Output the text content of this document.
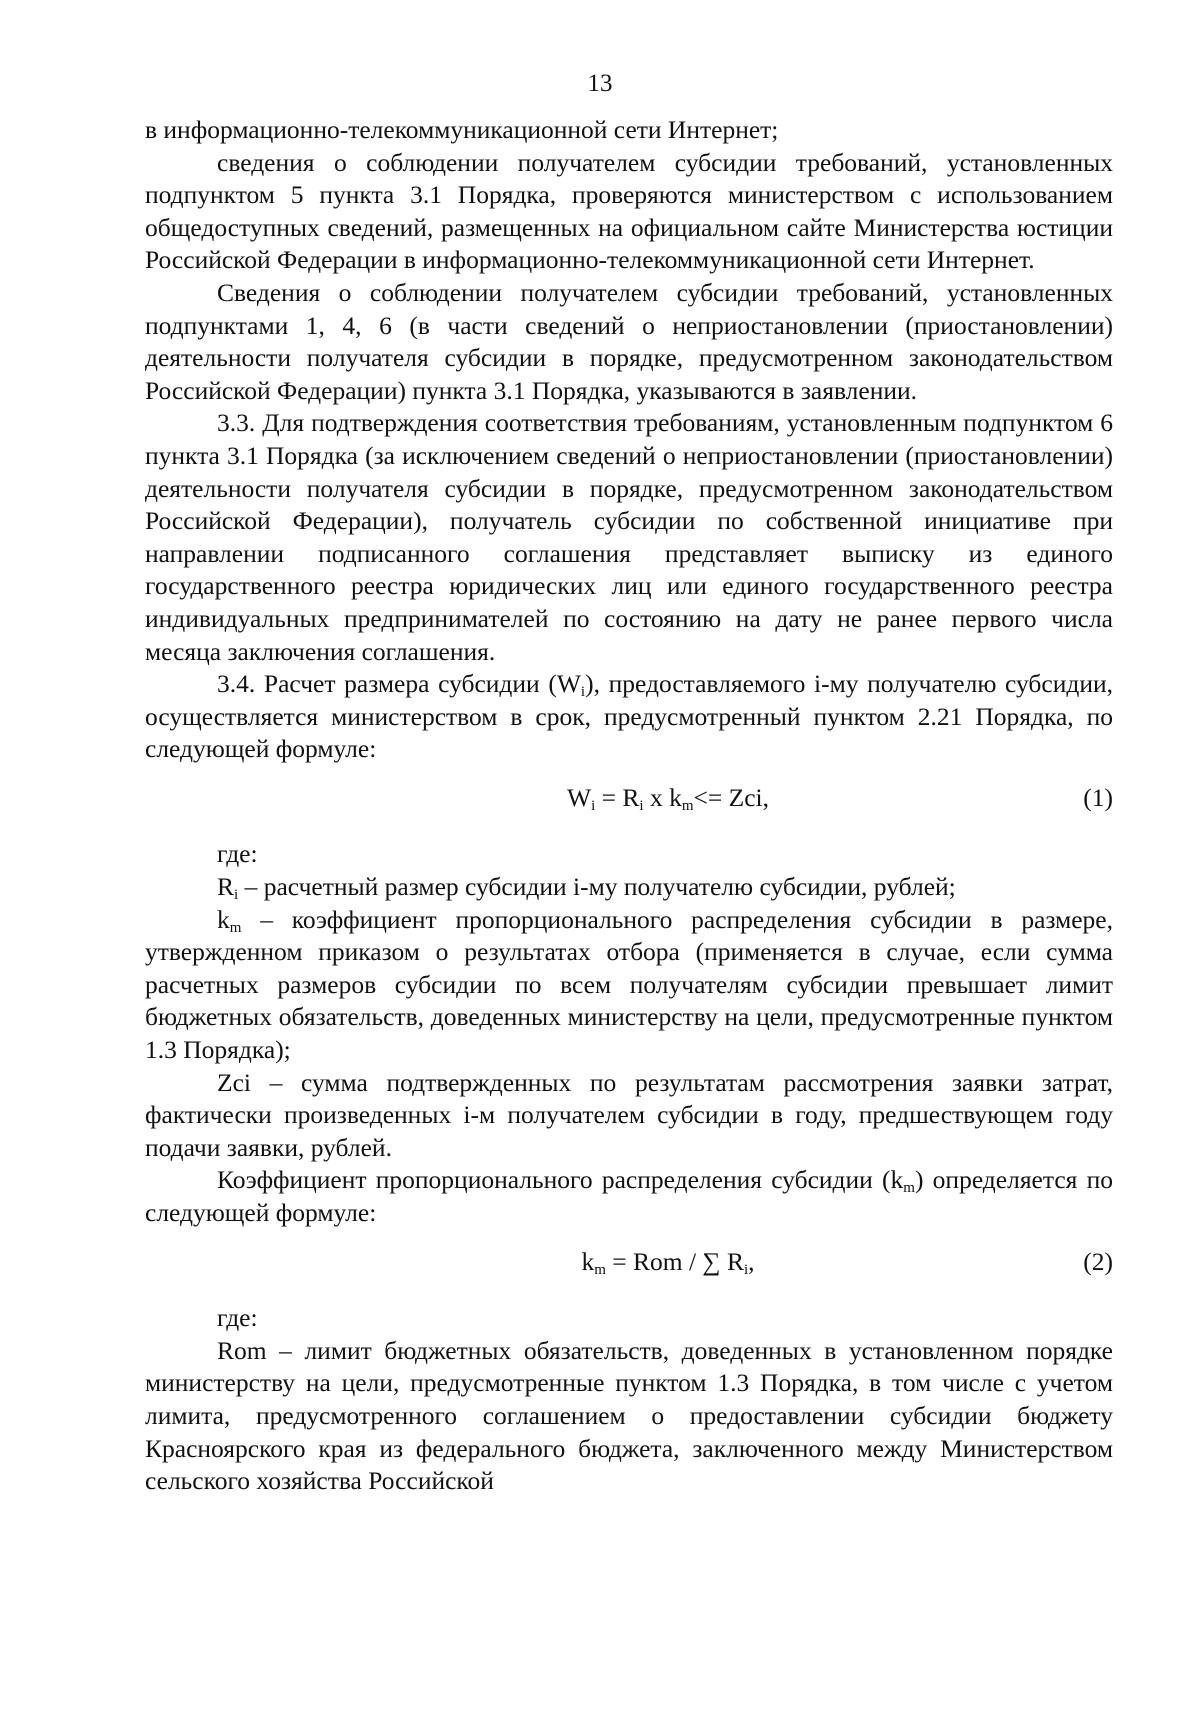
13

в информационно-телекоммуникационной сети Интернет;

сведения о соблюдении получателем субсидии требований, установленных подпунктом 5 пункта 3.1 Порядка, проверяются министерством с использованием общедоступных сведений, размещенных на официальном сайте Министерства юстиции Российской Федерации в информационно-телекоммуникационной сети Интернет.

Сведения о соблюдении получателем субсидии требований, установленных подпунктами 1, 4, 6 (в части сведений о неприостановлении (приостановлении) деятельности получателя субсидии в порядке, предусмотренном законодательством Российской Федерации) пункта 3.1 Порядка, указываются в заявлении.

3.3. Для подтверждения соответствия требованиям, установленным подпунктом 6 пункта 3.1 Порядка (за исключением сведений о неприостановлении (приостановлении) деятельности получателя субсидии в порядке, предусмотренном законодательством Российской Федерации), получатель субсидии по собственной инициативе при направлении подписанного соглашения представляет выписку из единого государственного реестра юридических лиц или единого государственного реестра индивидуальных предпринимателей по состоянию на дату не ранее первого числа месяца заключения соглашения.

3.4. Расчет размера субсидии $(W_i)$, предоставляемого i-му получателю субсидии, осуществляется министерством в срок, предусмотренный пунктом 2.21 Порядка, по следующей формуле:

$W_i = R_i$ x $k_m<=$ Zci,	(1)

где:

$R_i$ – расчетный размер субсидии i-му получателю субсидии, рублей;

$k_m$ – коэффициент пропорционального распределения субсидии в размере, утвержденном приказом о результатах отбора (применяется в случае, если сумма расчетных размеров субсидии по всем получателям субсидии превышает лимит бюджетных обязательств, доведенных министерству на цели, предусмотренные пунктом 1.3 Порядка);

Zci – сумма подтвержденных по результатам рассмотрения заявки затрат, фактически произведенных i-м получателем субсидии в году, предшествующем году подачи заявки, рублей.

Коэффициент пропорционального распределения субсидии $(k_m)$ определяется по следующей формуле:

$k_m$ = Rom / ∑ $R_i$,	(2)

где:

Rom – лимит бюджетных обязательств, доведенных в установленном порядке министерству на цели, предусмотренные пунктом 1.3 Порядка, в том числе с учетом лимита, предусмотренного соглашением о предоставлении субсидии бюджету Красноярского края из федерального бюджета, заключенного между Министерством сельского хозяйства Российской
